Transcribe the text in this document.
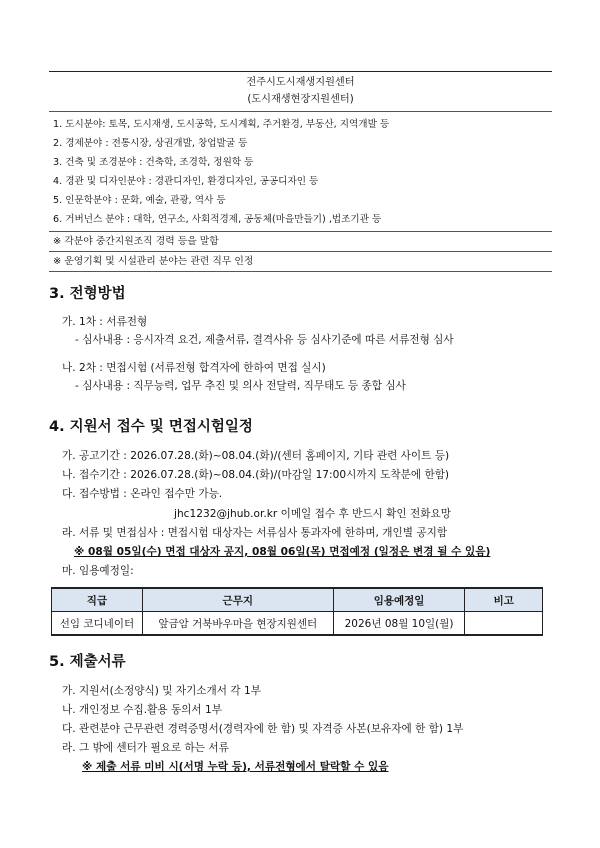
전주시도시재생지원센터
(도시재생현장지원센터)
1. 도시분야: 토목, 도시재생, 도시공학, 도시계획, 주거환경, 부동산, 지역개발 등
2. 경제분야 : 전통시장, 상권개발, 창업발굴 등
3. 건축 및 조경분야 : 건축학, 조경학, 정원학 등
4. 경관 및 디자인분야 : 경관디자인, 환경디자인, 공공디자인 등
5. 인문학분야 : 문화, 예술, 관광, 역사 등
6. 거버넌스 분야 : 대학, 연구소, 사회적경제, 공동체(마을만들기) ,법조기관 등
※ 각분야 중간지원조직 경력 등을 말함
※ 운영기획 및 시설관리 분야는 관련 직무 인정
3. 전형방법
가. 1차 : 서류전형
- 심사내용 : 응시자격 요건, 제출서류, 결격사유 등 심사기준에 따른 서류전형 심사
나. 2차 : 면접시험 (서류전형 합격자에 한하여 면접 실시)
- 심사내용 : 직무능력, 업무 추진 및 의사 전달력, 직무태도 등 종합 심사
4. 지원서 접수 및 면접시험일정
가. 공고기간 : 2026.07.28.(화)~08.04.(화)/(센터 홈페이지, 기타 관련 사이트 등)
나. 접수기간 : 2026.07.28.(화)~08.04.(화)/(마감일 17:00시까지 도착분에 한함)
다. 접수방법 : 온라인 접수만 가능.
jhc1232@jhub.or.kr 이메일 접수 후 반드시 확인 전화요망
라. 서류 및 면접심사 : 면접시험 대상자는 서류심사 통과자에 한하며, 개인별 공지함
※ 08월 05일(수) 면접 대상자 공지, 08월 06일(목) 면접예정 (일정은 변경 될 수 있음)
마. 임용예정일:
직급	근무지	임용예정일	비고
선임 코디네이터	앞금암 거북바우마을 현장지원센터	2026년 08월 10일(월)	
5. 제출서류
가. 지원서(소정양식) 및 자기소개서 각 1부
나. 개인정보 수집.활용 동의서 1부
다. 관련분야 근무관련 경력증명서(경력자에 한 함) 및 자격증 사본(보유자에 한 함) 1부
라. 그 밖에 센터가 필요로 하는 서류
※ 제출 서류 미비 시(서명 누락 등), 서류전형에서 탈락할 수 있음
